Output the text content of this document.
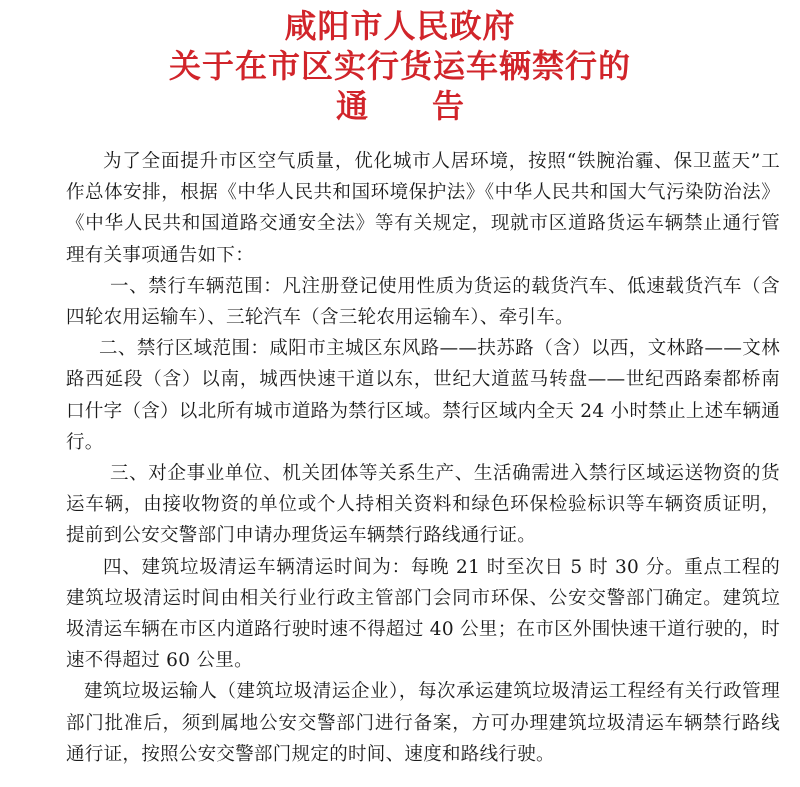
咸阳市人民政府
关于在市区实行货运车辆禁行的
通告

为了全面提升市区空气质量，优化城市人居环境，按照“铁腕治霾、保卫蓝天”工作总体安排，根据《中华人民共和国环境保护法》《中华人民共和国大气污染防治法》《中华人民共和国道路交通安全法》等有关规定，现就市区道路货运车辆禁止通行管理有关事项通告如下：

一、禁行车辆范围：凡注册登记使用性质为货运的载货汽车、低速载货汽车（含四轮农用运输车）、三轮汽车（含三轮农用运输车）、牵引车。

二、禁行区域范围：咸阳市主城区东风路——扶苏路（含）以西，文林路——文林路西延段（含）以南，城西快速干道以东，世纪大道蓝马转盘——世纪西路秦都桥南口什字（含）以北所有城市道路为禁行区域。禁行区域内全天 24 小时禁止上述车辆通行。

三、对企事业单位、机关团体等关系生产、生活确需进入禁行区域运送物资的货运车辆，由接收物资的单位或个人持相关资料和绿色环保检验标识等车辆资质证明，提前到公安交警部门申请办理货运车辆禁行路线通行证。

四、建筑垃圾清运车辆清运时间为：每晚 21 时至次日 5 时 30 分。重点工程的建筑垃圾清运时间由相关行业行政主管部门会同市环保、公安交警部门确定。建筑垃圾清运车辆在市区内道路行驶时速不得超过 40 公里；在市区外围快速干道行驶的，时速不得超过 60 公里。

建筑垃圾运输人（建筑垃圾清运企业），每次承运建筑垃圾清运工程经有关行政管理部门批准后，须到属地公安交警部门进行备案，方可办理建筑垃圾清运车辆禁行路线通行证，按照公安交警部门规定的时间、速度和路线行驶。
